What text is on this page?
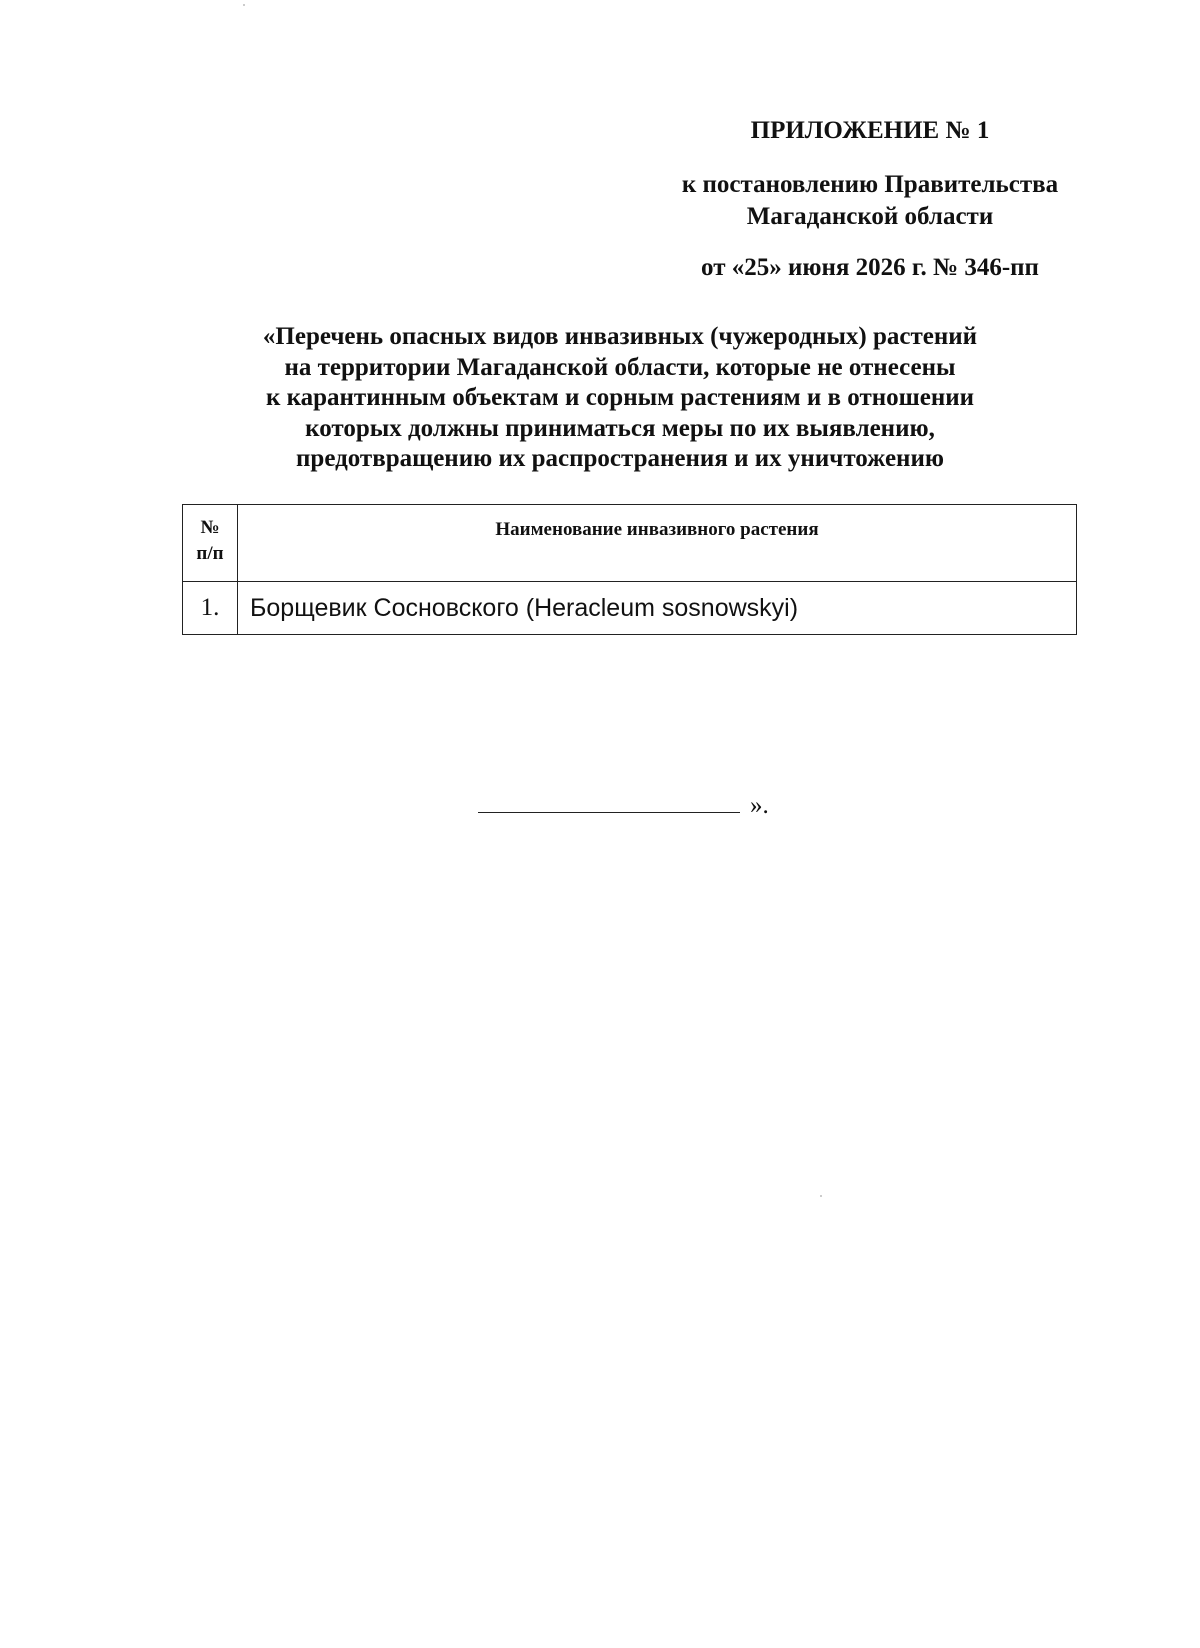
ПРИЛОЖЕНИЕ № 1

к постановлению Правительства

Магаданской области

от «25» июня 2026 г. № 346-пп

«Перечень опасных видов инвазивных (чужеродных) растений
на территории Магаданской области, которые не отнесены
к карантинным объектам и сорным растениям и в отношении
которых должны приниматься меры по их выявлению,
предотвращению их распространения и их уничтожению
№
п/п	Наименование инвазивного растения
1.	Борщевик Сосновского (Heracleum sosnowskyi)
».
